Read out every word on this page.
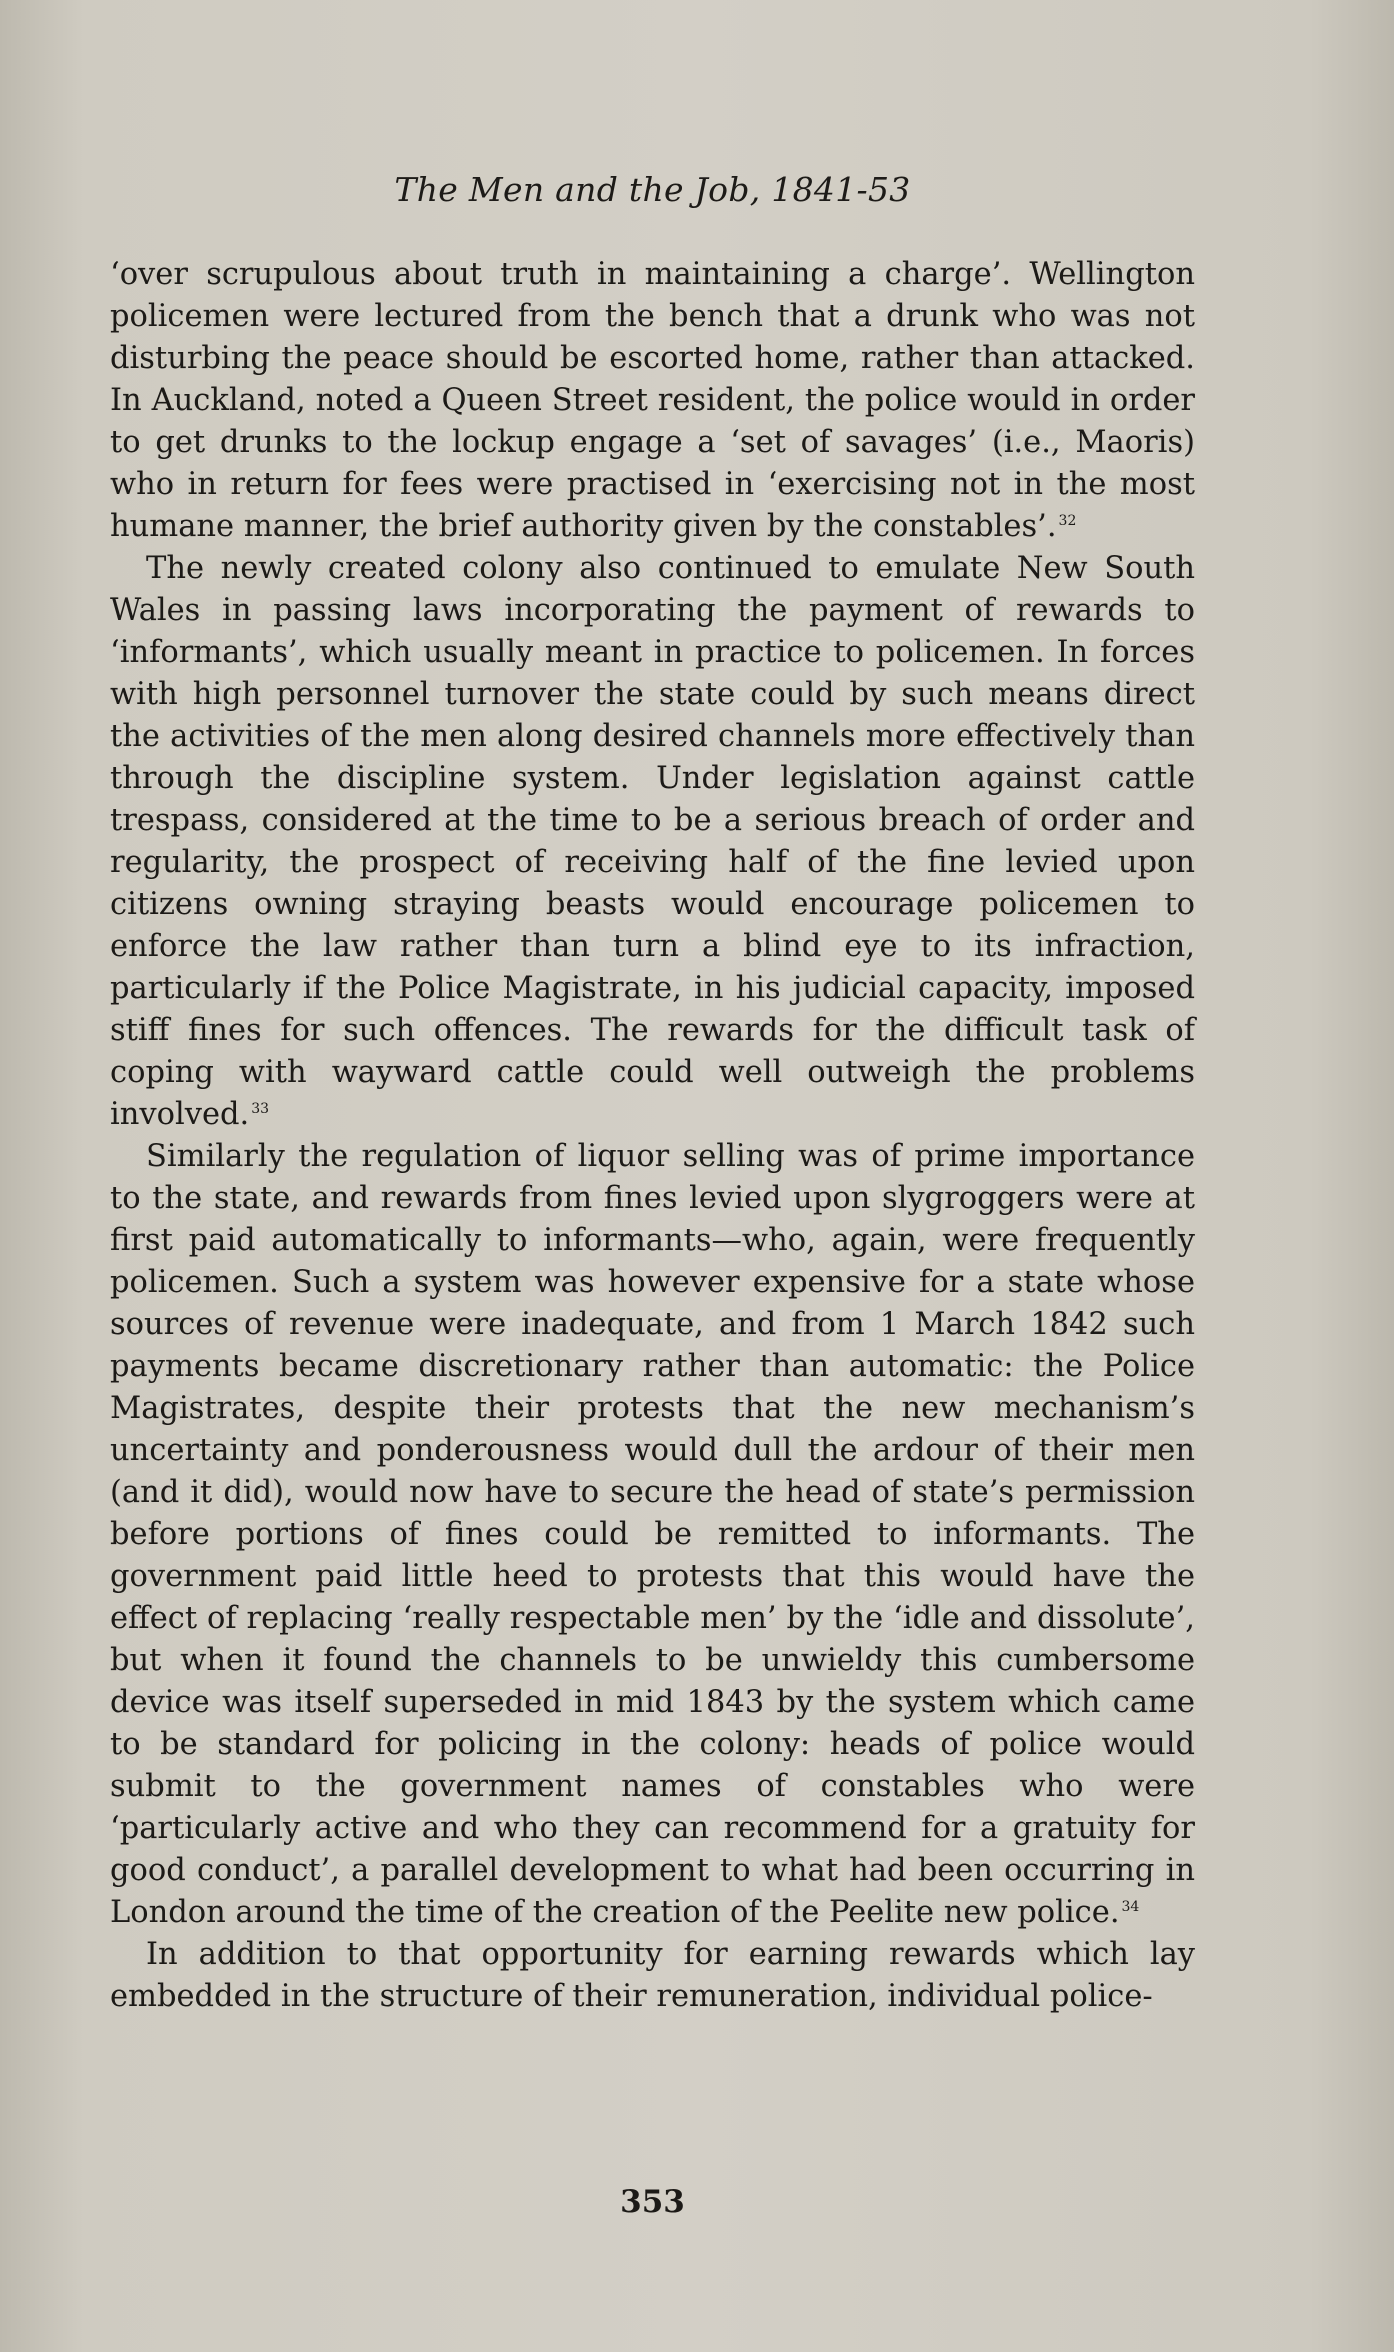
The Men and the Job, 1841-53

‘over scrupulous about truth in maintaining a charge’. Wellington policemen were lectured from the bench that a drunk who was not disturbing the peace should be escorted home, rather than attacked. In Auckland, noted a Queen Street resident, the police would in order to get drunks to the lockup engage a ‘set of savages’ (i.e., Maoris) who in return for fees were practised in ‘exercising not in the most humane manner, the brief authority given by the constables’. $^{32}$

The newly created colony also continued to emulate New South Wales in passing laws incorporating the payment of rewards to ‘informants’, which usually meant in practice to policemen. In forces with high personnel turnover the state could by such means direct the activities of the men along desired channels more effectively than through the discipline system. Under legislation against cattle trespass, considered at the time to be a serious breach of order and regularity, the prospect of receiving half of the fine levied upon citizens owning straying beasts would encourage policemen to enforce the law rather than turn a blind eye to its infraction, particularly if the Police Magistrate, in his judicial capacity, imposed stiff fines for such offences. The rewards for the difficult task of coping with wayward cattle could well outweigh the problems involved. $^{33}$

Similarly the regulation of liquor selling was of prime importance to the state, and rewards from fines levied upon slygroggers were at first paid automatically to informants—who, again, were frequently policemen. Such a system was however expensive for a state whose sources of revenue were inadequate, and from 1 March 1842 such payments became discretionary rather than automatic: the Police Magistrates, despite their protests that the new mechanism’s uncertainty and ponderousness would dull the ardour of their men (and it did), would now have to secure the head of state’s permission before portions of fines could be remitted to informants. The government paid little heed to protests that this would have the effect of replacing ‘really respectable men’ by the ‘idle and dissolute’, but when it found the channels to be unwieldy this cumbersome device was itself superseded in mid 1843 by the system which came to be standard for policing in the colony: heads of police would submit to the government names of constables who were ‘particularly active and who they can recommend for a gratuity for good conduct’, a parallel development to what had been occurring in London around the time of the creation of the Peelite new police. $^{34}$

In addition to that opportunity for earning rewards which lay embedded in the structure of their remuneration, individual police-

353
